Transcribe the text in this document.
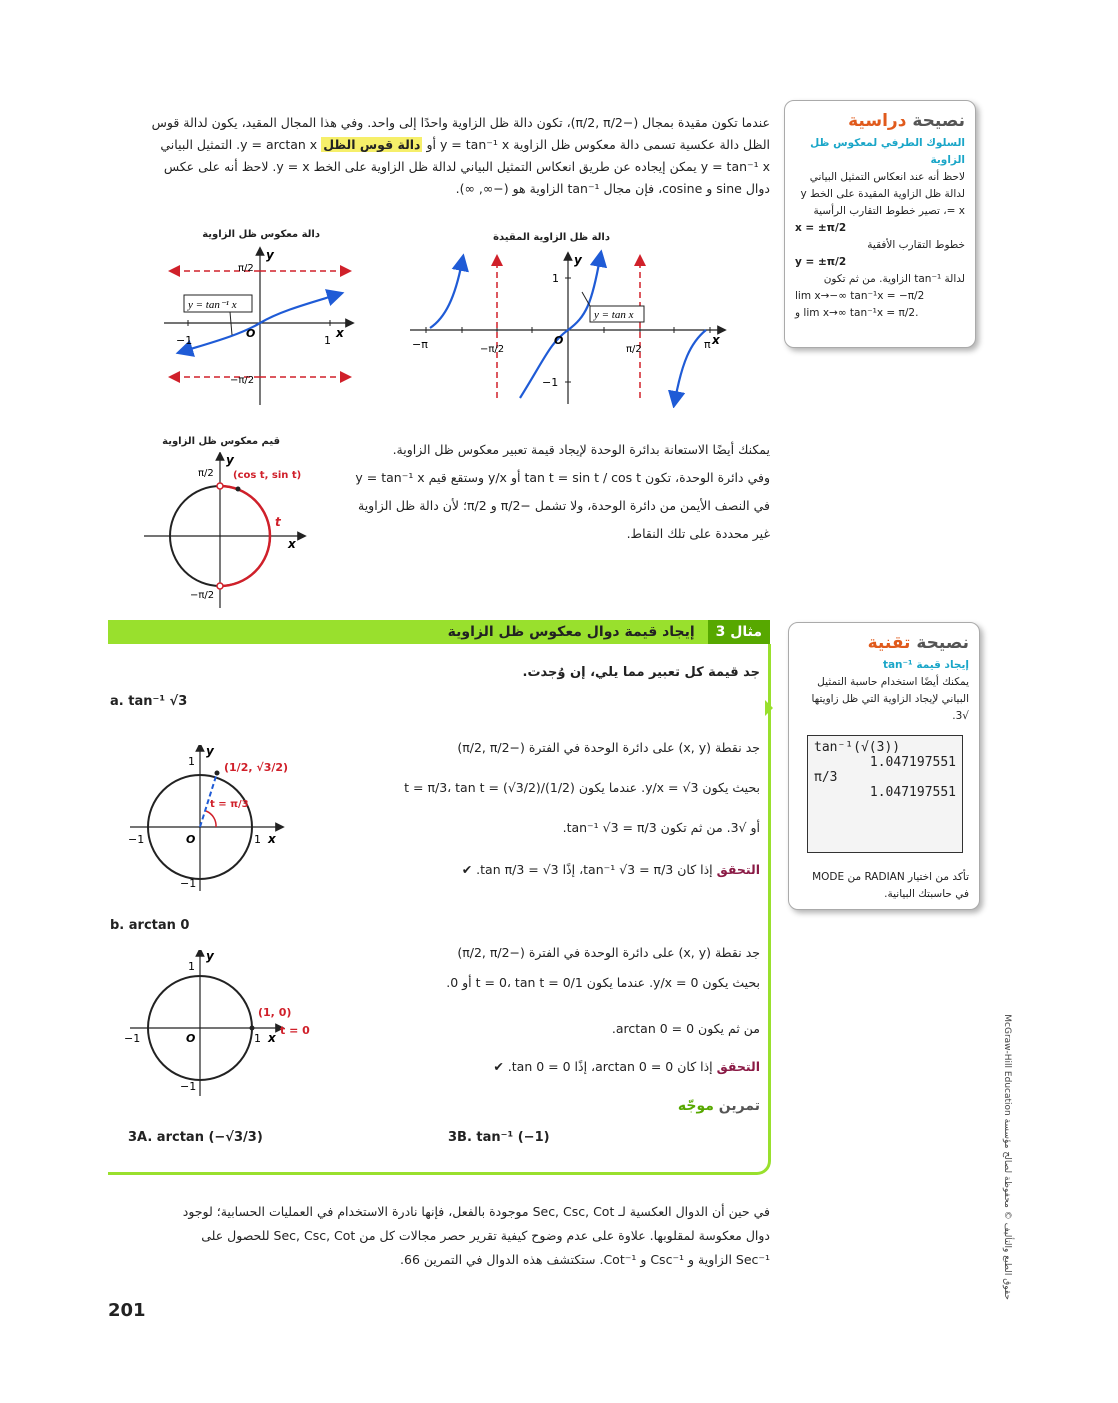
عندما تكون مقيدة بمجال (−π/2, π/2)، تكون دالة ظل الزاوية واحدًا إلى واحد. وفي هذا المجال المقيد، يكون لدالة قوس

الظل دالة عكسية تسمى دالة معكوس ظل الزاوية y = tan⁻¹ x أو دالة قوس الظل y = arctan x. التمثيل البياني

y = tan⁻¹ x يمكن إيجاده عن طريق انعكاس التمثيل البياني لدالة ظل الزاوية على الخط y = x. لاحظ أنه على عكس

دوال sine و cosine، فإن مجال tan⁻¹ الزاوية هو (−∞, ∞).

نصيحة دراسية

السلوك الطرفي لمعكوس ظل الزاوية

لاحظ أنه عند انعكاس التمثيل البياني لدالة ظل الزاوية المقيدة على الخط y = x، تصير خطوط التقارب الرأسية

x = ±π/2

خطوط التقارب الأفقية

y = ±π/2

لدالة tan⁻¹ الزاوية. من ثم تكون

lim x→−∞ tan⁻¹x = −π/2

و lim x→∞ tan⁻¹x = π/2.

دالة ظل الزاوية المقيدة
y = tan x
−π	−π/2	π/2	π
1
−1
O	x
y
دالة معكوس ظل الزاوية
y = tan⁻¹ x
π/2
−π/2
−1	1
O	x
y
قيم معكوس ظل الزاوية
(cos t, sin t)
t
π/2
−π/2
x
y

يمكنك أيضًا الاستعانة بدائرة الوحدة لإيجاد قيمة تعبير معكوس ظل الزاوية.

وفي دائرة الوحدة، تكون tan t = sin t / cos t أو y/x وستقع قيم y = tan⁻¹ x

في النصف الأيمن من دائرة الوحدة، ولا تشمل −π/2 و π/2؛ لأن دالة ظل الزاوية

غير محددة على تلك النقاط.

مثال 3 إيجاد قيمة دوال معكوس ظل الزاوية
جد قيمة كل تعبير مما يلي، إن وُجدت.
a. tan⁻¹ √3
(1/2, √3/2)
t = π/3
1
−1
−1	1
O	x
y	جد نقطة (x, y) على دائرة الوحدة في الفترة (−π/2, π/2)
بحيث يكون y/x = √3. عندما يكون t = π/3، tan t = (√3/2)/(1/2)
أو √3. من ثم تكون tan⁻¹ √3 = π/3.
التحقق إذا كان tan⁻¹ √3 = π/3، إذًا tan π/3 = √3. ✔
b. arctan 0
(1, 0)
t = 0
1
−1
−1	1
O	x
y	جد نقطة (x, y) على دائرة الوحدة في الفترة (−π/2, π/2)
بحيث يكون y/x = 0. عندما يكون t = 0، tan t = 0/1 أو 0.
من ثم يكون arctan 0 = 0.
التحقق إذا كان arctan 0 = 0، إذًا tan 0 = 0. ✔
تمرين موجّه
3A. arctan (−√3/3)	3B. tan⁻¹ (−1)
نصيحة تقنية

إيجاد قيمة tan⁻¹

يمكنك أيضًا استخدام حاسبة التمثيل البياني لإيجاد الزاوية التي ظل زاويتها √3.

tan⁻¹(√(3))
1.047197551
π/3
1.047197551
تأكد من اختيار RADIAN من MODE في حاسبتك البيانية.

في حين أن الدوال العكسية لـ Sec, Csc, Cot موجودة بالفعل، فإنها نادرة الاستخدام في العمليات الحسابية؛ لوجود

دوال معكوسة لمقلوبها. علاوة على عدم وضوح كيفية تقرير حصر مجالات كل من Sec, Csc, Cot للحصول على

Sec⁻¹ الزاوية و Csc⁻¹ و Cot⁻¹. ستكتشف هذه الدوال في التمرين 66.

201
حقوق الطبع والتأليف © محفوظة لصالح مؤسسة McGraw-Hill Education
